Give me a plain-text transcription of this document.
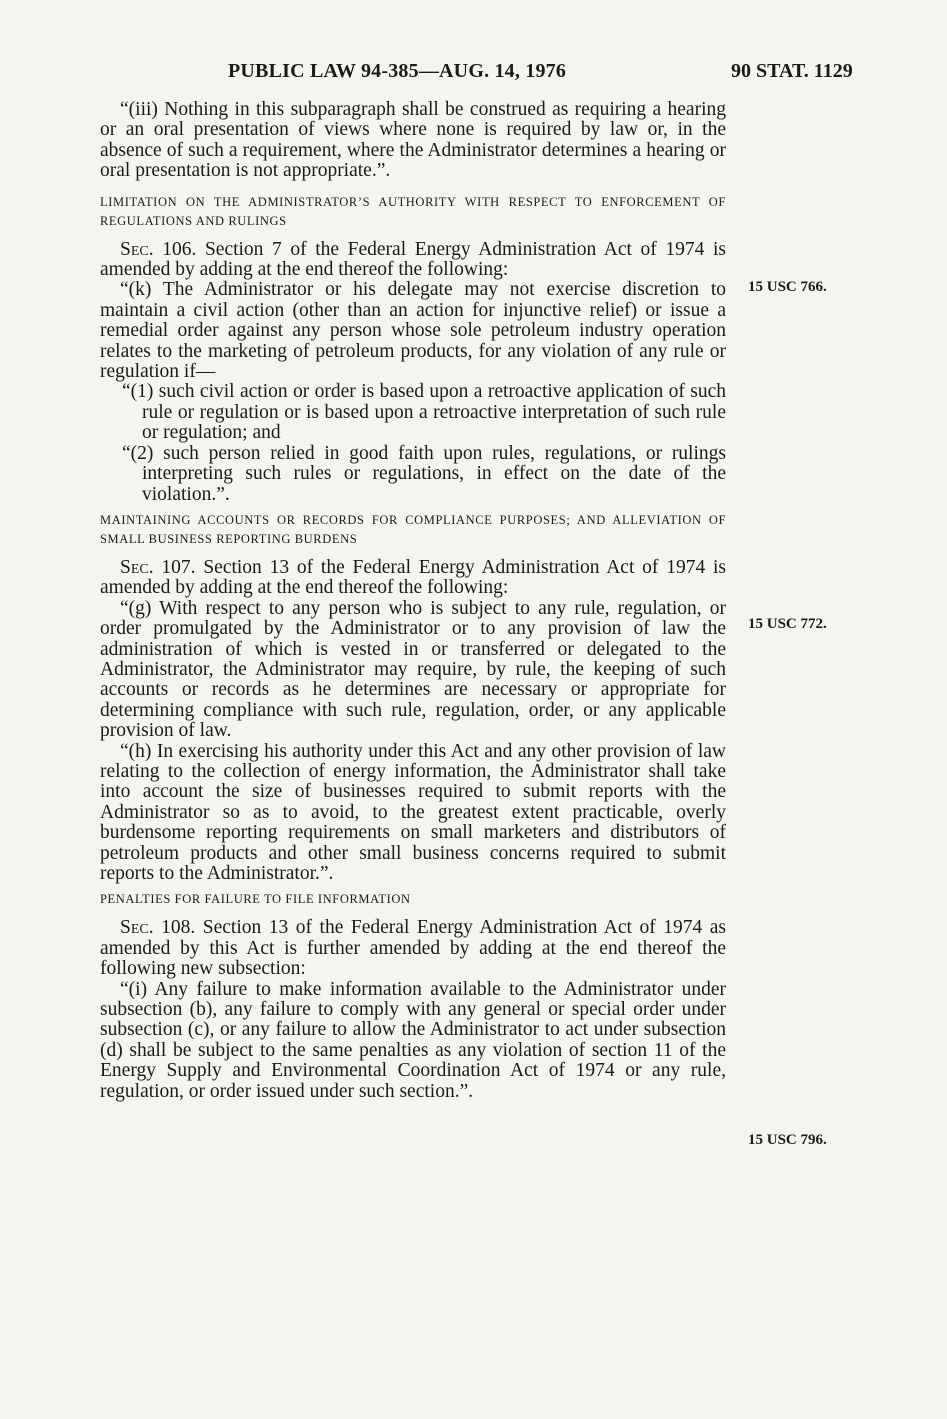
PUBLIC LAW 94-385—AUG. 14, 1976	90 STAT. 1129

“(iii) Nothing in this subparagraph shall be construed as requiring a hearing or an oral presentation of views where none is required by law or, in the absence of such a requirement, where the Administrator determines a hearing or oral presentation is not appropriate.”.

LIMITATION ON THE ADMINISTRATOR’S AUTHORITY WITH RESPECT TO ENFORCEMENT OF REGULATIONS AND RULINGS

Sec. 106. Section 7 of the Federal Energy Administration Act of 1974 is amended by adding at the end thereof the following:

“(k) The Administrator or his delegate may not exercise discretion to maintain a civil action (other than an action for injunctive relief) or issue a remedial order against any person whose sole petroleum industry operation relates to the marketing of petroleum products, for any violation of any rule or regulation if—

“(1) such civil action or order is based upon a retroactive application of such rule or regulation or is based upon a retroactive interpretation of such rule or regulation; and

“(2) such person relied in good faith upon rules, regulations, or rulings interpreting such rules or regulations, in effect on the date of the violation.”.

MAINTAINING ACCOUNTS OR RECORDS FOR COMPLIANCE PURPOSES; AND ALLEVIATION OF SMALL BUSINESS REPORTING BURDENS

Sec. 107. Section 13 of the Federal Energy Administration Act of 1974 is amended by adding at the end thereof the following:

“(g) With respect to any person who is subject to any rule, regulation, or order promulgated by the Administrator or to any provision of law the administration of which is vested in or transferred or delegated to the Administrator, the Administrator may require, by rule, the keeping of such accounts or records as he determines are necessary or appropriate for determining compliance with such rule, regulation, order, or any applicable provision of law.

“(h) In exercising his authority under this Act and any other provision of law relating to the collection of energy information, the Administrator shall take into account the size of businesses required to submit reports with the Administrator so as to avoid, to the greatest extent practicable, overly burdensome reporting requirements on small marketers and distributors of petroleum products and other small business concerns required to submit reports to the Administrator.”.

PENALTIES FOR FAILURE TO FILE INFORMATION

Sec. 108. Section 13 of the Federal Energy Administration Act of 1974 as amended by this Act is further amended by adding at the end thereof the following new subsection:

“(i) Any failure to make information available to the Administrator under subsection (b), any failure to comply with any general or special order under subsection (c), or any failure to allow the Administrator to act under subsection (d) shall be subject to the same penalties as any violation of section 11 of the Energy Supply and Environmental Coordination Act of 1974 or any rule, regulation, or order issued under such section.”.

15 USC 766.
15 USC 772.
15 USC 796.
